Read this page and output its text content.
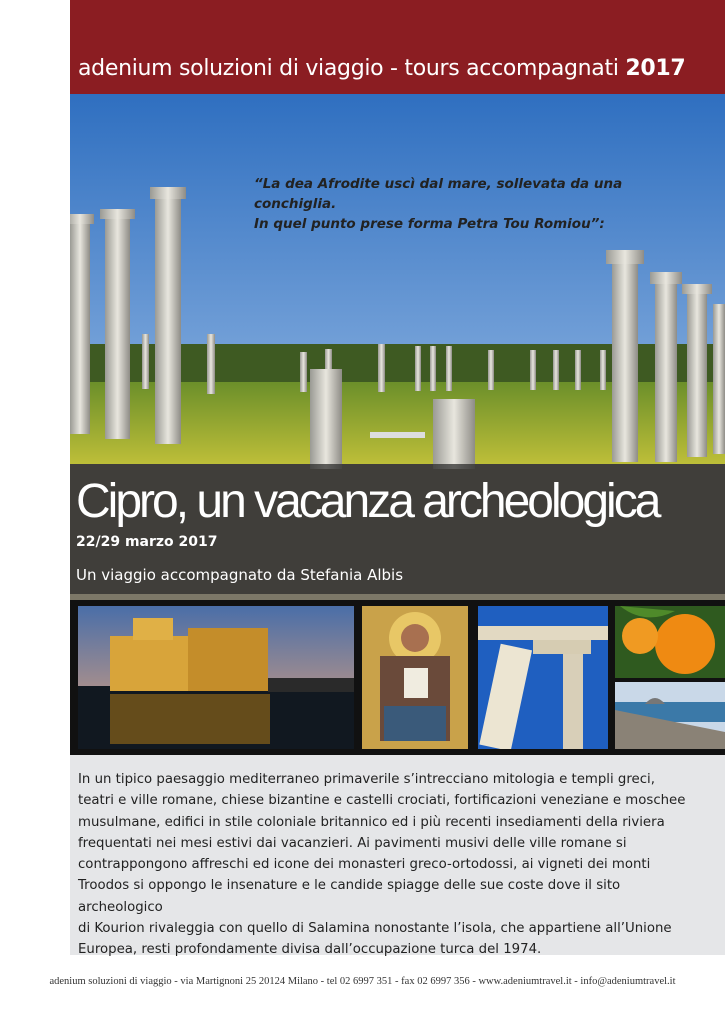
adenium soluzioni di viaggio - tours accompagnati 2017
“La dea Afrodite uscì dal mare, sollevata da una conchiglia.
In quel punto prese forma Petra Tou Romiou”:
Cipro, un vacanza archeologica
22/29 marzo 2017
Un viaggio accompagnato da Stefania Albis
In un tipico paesaggio mediterraneo primaverile s’intrecciano mitologia e templi greci,
teatri e ville romane, chiese bizantine e castelli crociati, fortificazioni veneziane e moschee
musulmane, edifici in stile coloniale britannico ed i più recenti insediamenti della riviera
frequentati nei mesi estivi dai vacanzieri. Ai pavimenti musivi delle ville romane si
contrappongono affreschi ed icone dei monasteri greco-ortodossi, ai vigneti dei monti
Troodos si oppongo le insenature e le candide spiagge delle sue coste dove il sito archeologico
di Kourion rivaleggia con quello di Salamina nonostante l’isola, che appartiene all’Unione
Europea, resti profondamente divisa dall’occupazione turca del 1974.
adenium soluzioni di viaggio - via Martignoni 25 20124 Milano - tel 02 6997 351 - fax 02 6997 356 - www.adeniumtravel.it - info@adeniumtravel.it
